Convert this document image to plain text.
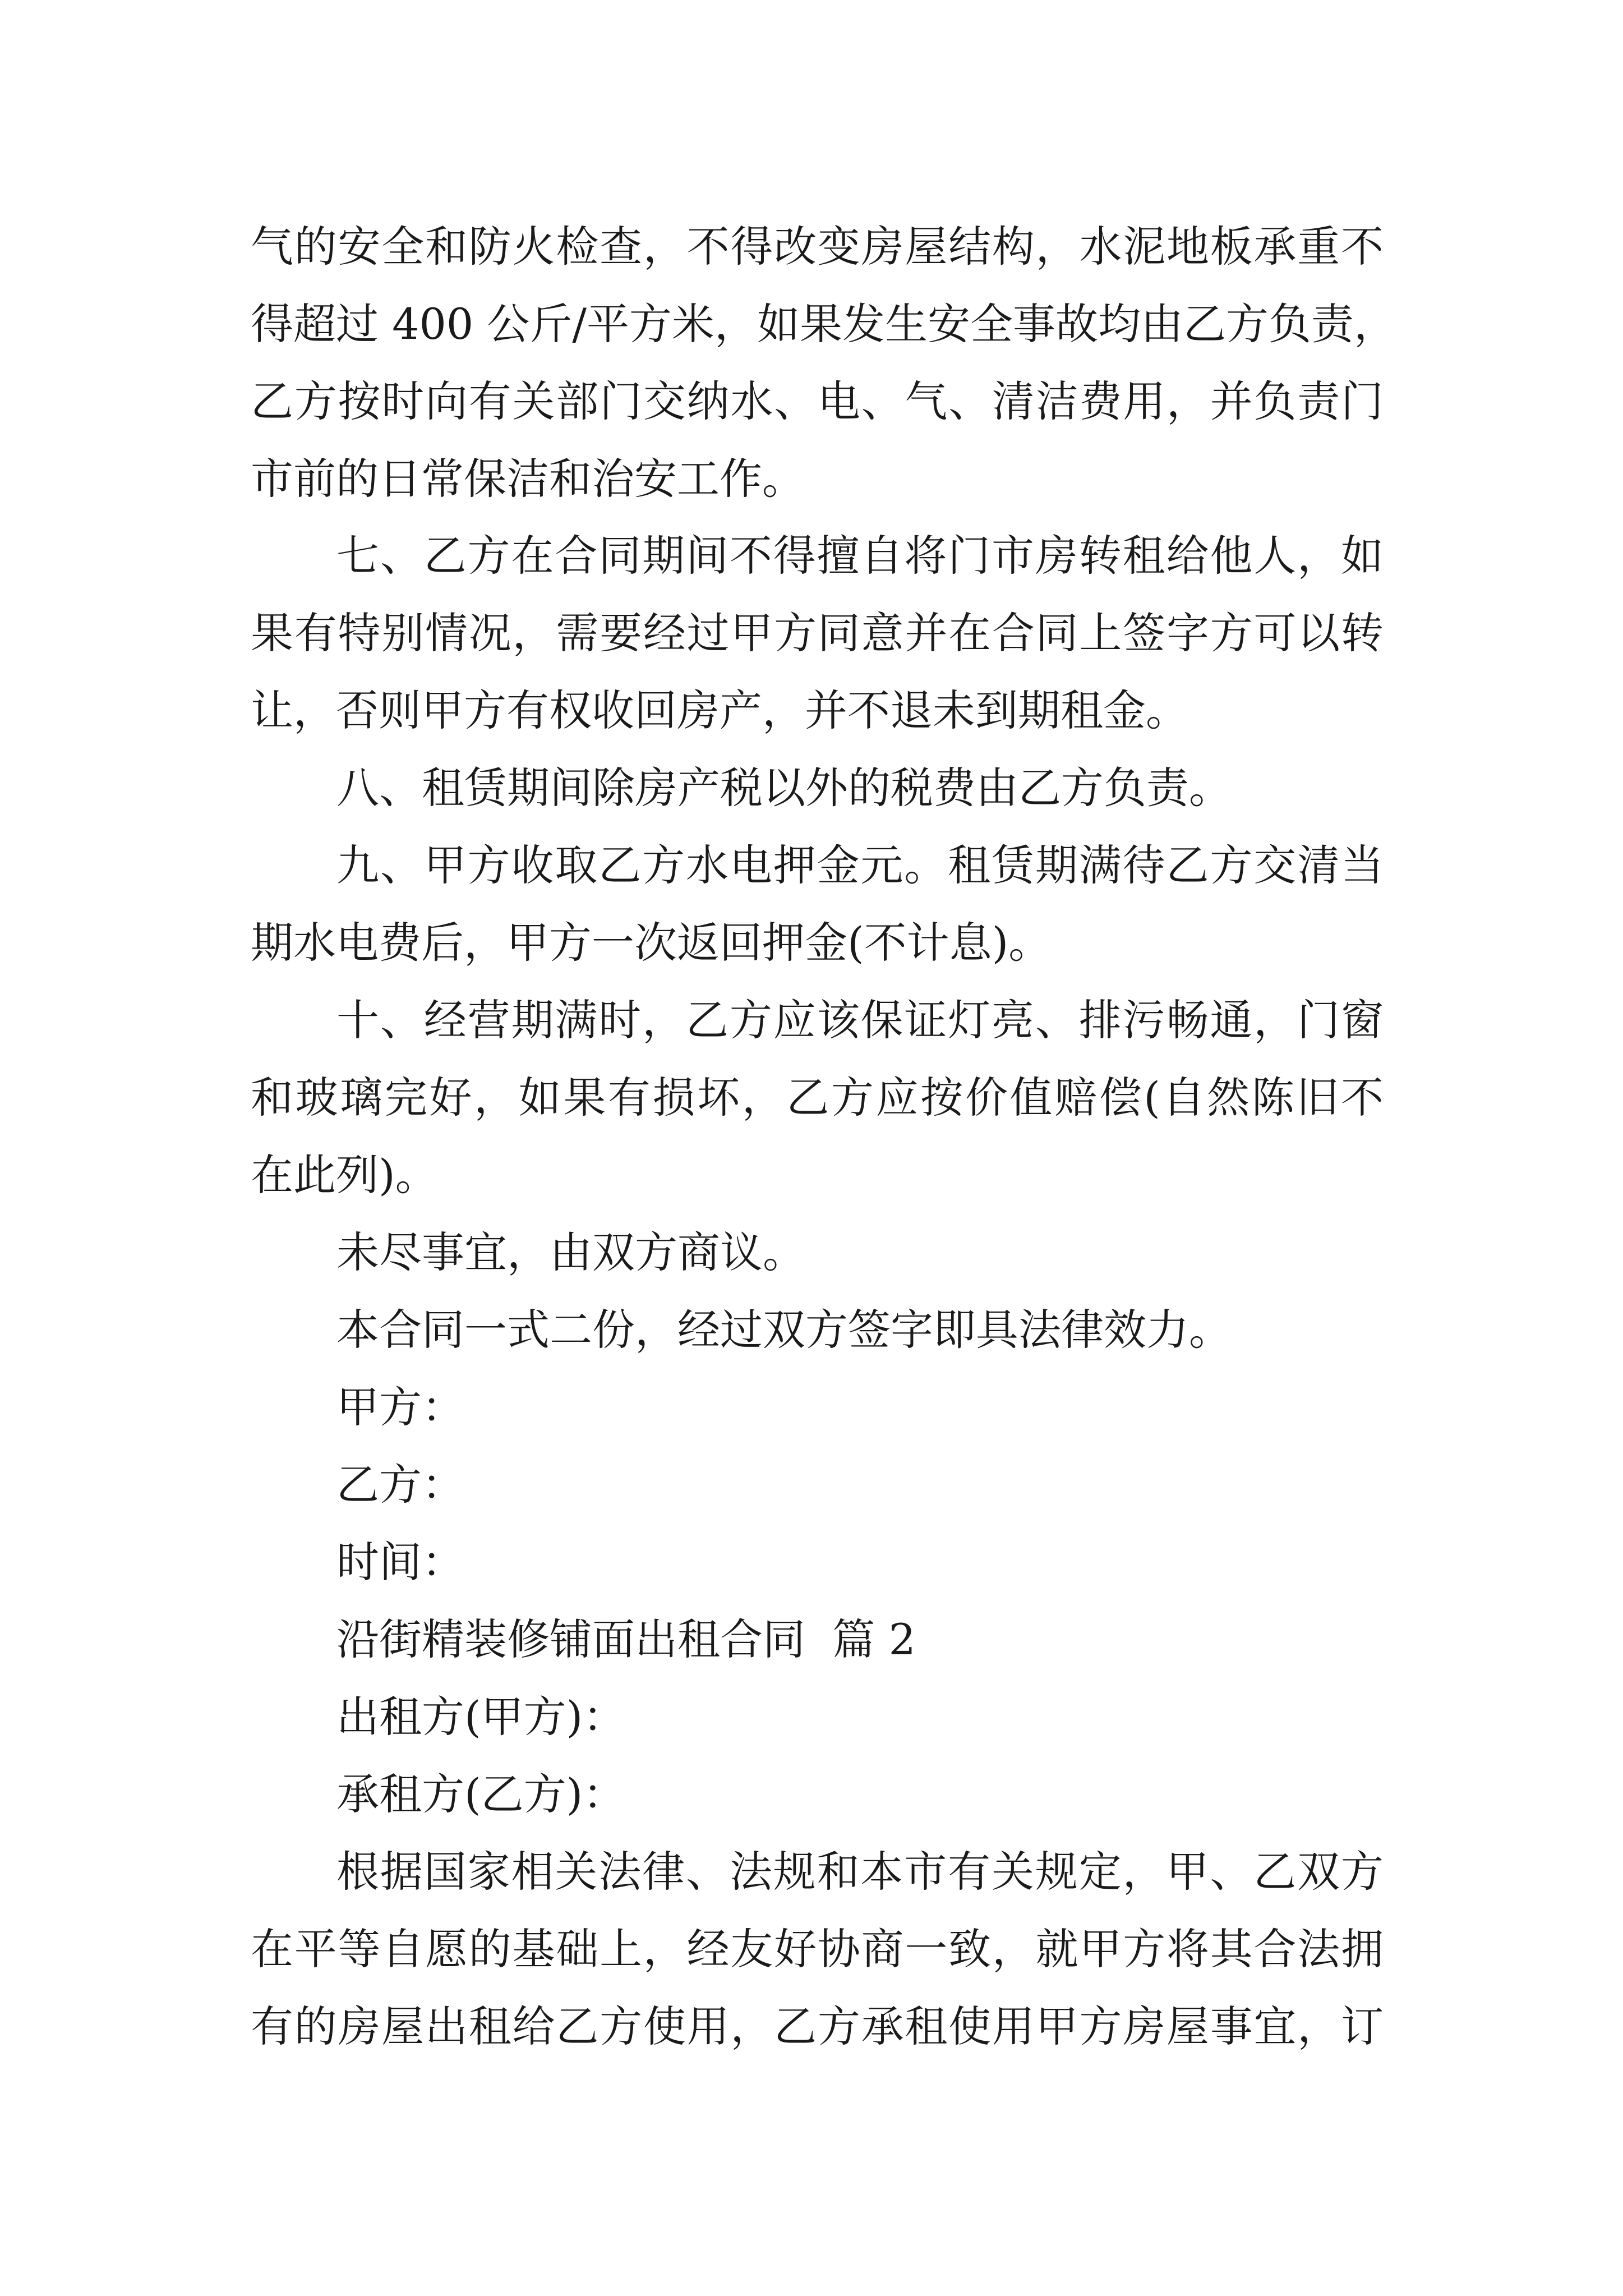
气的安全和防火检查，不得改变房屋结构，水泥地板承重不
得超过 400 公斤/平方米，如果发生安全事故均由乙方负责，
乙方按时向有关部门交纳水、电、气、清洁费用，并负责门
市前的日常保洁和治安工作。
七、乙方在合同期间不得擅自将门市房转租给他人，如
果有特别情况，需要经过甲方同意并在合同上签字方可以转
让，否则甲方有权收回房产，并不退未到期租金。
八、租赁期间除房产税以外的税费由乙方负责。
九、甲方收取乙方水电押金元。租赁期满待乙方交清当
期水电费后，甲方一次返回押金(不计息)。
十、经营期满时，乙方应该保证灯亮、排污畅通，门窗
和玻璃完好，如果有损坏，乙方应按价值赔偿(自然陈旧不
在此列)。
未尽事宜，由双方商议。
本合同一式二份，经过双方签字即具法律效力。
甲方：
乙方：
时间：
沿街精装修铺面出租合同  篇 2
出租方(甲方)：
承租方(乙方)：
根据国家相关法律、法规和本市有关规定，甲、乙双方
在平等自愿的基础上，经友好协商一致，就甲方将其合法拥
有的房屋出租给乙方使用，乙方承租使用甲方房屋事宜，订
